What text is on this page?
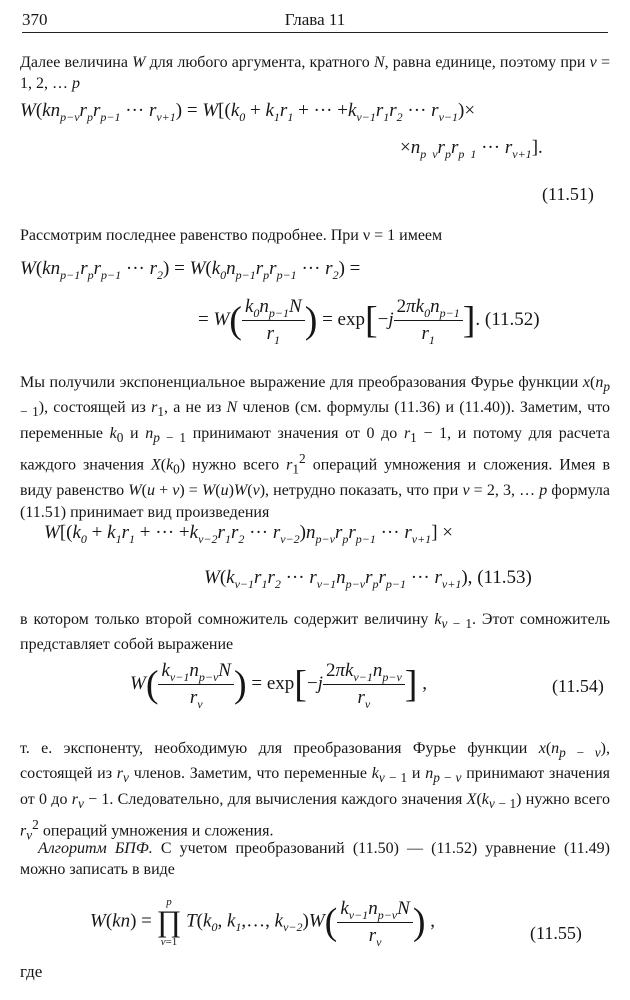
370	Глава 11

Далее величина W для любого аргумента, кратного N, равна единице, поэтому при ν = 1, 2, … p

$W(kn_{p-\nu}r_pr_{p-1}$ ··· $r_{\nu+1}) = W[(k_0 + k_1r_1$ + ··· $+k_{\nu-1}r_1r_2$ ··· $r_{\nu-1})\times$
$\times n_{p \nu}r_pr_{p 1}$ ··· $r_{\nu+1}$].
(11.51)

Рассмотрим последнее равенство подробнее. При ν = 1 имеем

$W(kn_{p-1}r_pr_{p-1}$ ··· $r_2) = W(k_0n_{p-1}r_pr_{p-1}$ ··· $r_2$) =
= $W( \frac{k_0n_{p-1}N}{r_1}$ ) = $\exp[-j \frac{2\pi k_0n_{p-1}}{r_1}$ ]. (11.52)

Мы получили экспоненциальное выражение для преобразования Фурье функции $x(n_{p - 1})$, состоящей из $r_1$, а не из N членов (см. формулы (11.36) и (11.40)). Заметим, что переменные $k_0$ и $n_{p - 1}$ принимают значения от 0 до $r_1 - 1$, и потому для расчета каждого значения $X(k_0)$ нужно всего $r_1^2$ операций умножения и сложения. Имея в виду равенство W(u + v) = W(u)W(v), нетрудно показать, что при ν = 2, 3, … p формула (11.51) принимает вид произведения

$W[(k_0 + k_1r_1$ + ··· $+k_{\nu-2}r_1r_2$ ··· $r_{\nu-2})n_{p-\nu}r_pr_{p-1}$ ··· $r_{\nu+1}$] ×
$W(k_{\nu-1}r_1r_2$ ··· $r_{\nu-1}n_{p-\nu}r_pr_{p-1}$ ··· $r_{\nu+1}$), (11.53)

в котором только второй сомножитель содержит величину $k_{\nu - 1}$. Этот сомножитель представляет собой выражение

$W( \frac{k_{\nu-1}n_{p-\nu}N}{r_\nu}$ ) = $\exp[-j \frac{2\pi k_{\nu-1}n_{p-\nu}}{r_\nu}$ ] ,	(11.54)

т. е. экспоненту, необходимую для преобразования Фурье функции $x(n_{p - \nu})$, состоящей из $r_\nu$ членов. Заметим, что переменные $k_{\nu - 1}$ и $n_{p - \nu}$ принимают значения от 0 до $r_\nu - 1$. Следовательно, для вычисления каждого значения $X(k_{\nu - 1})$ нужно всего $r_\nu^2$ операций умножения и сложения.

Алгоритм БПФ. С учетом преобразований (11.50) — (11.52) уравнение (11.49) можно записать в виде

W(kn) =
p
∏
ν=1
$T(k_0$, $k_1,\dots$, $k_{\nu-2})W( \frac{k_{\nu-1}n_{p-\nu}N}{r_\nu}$ ) ,
(11.55)
где
